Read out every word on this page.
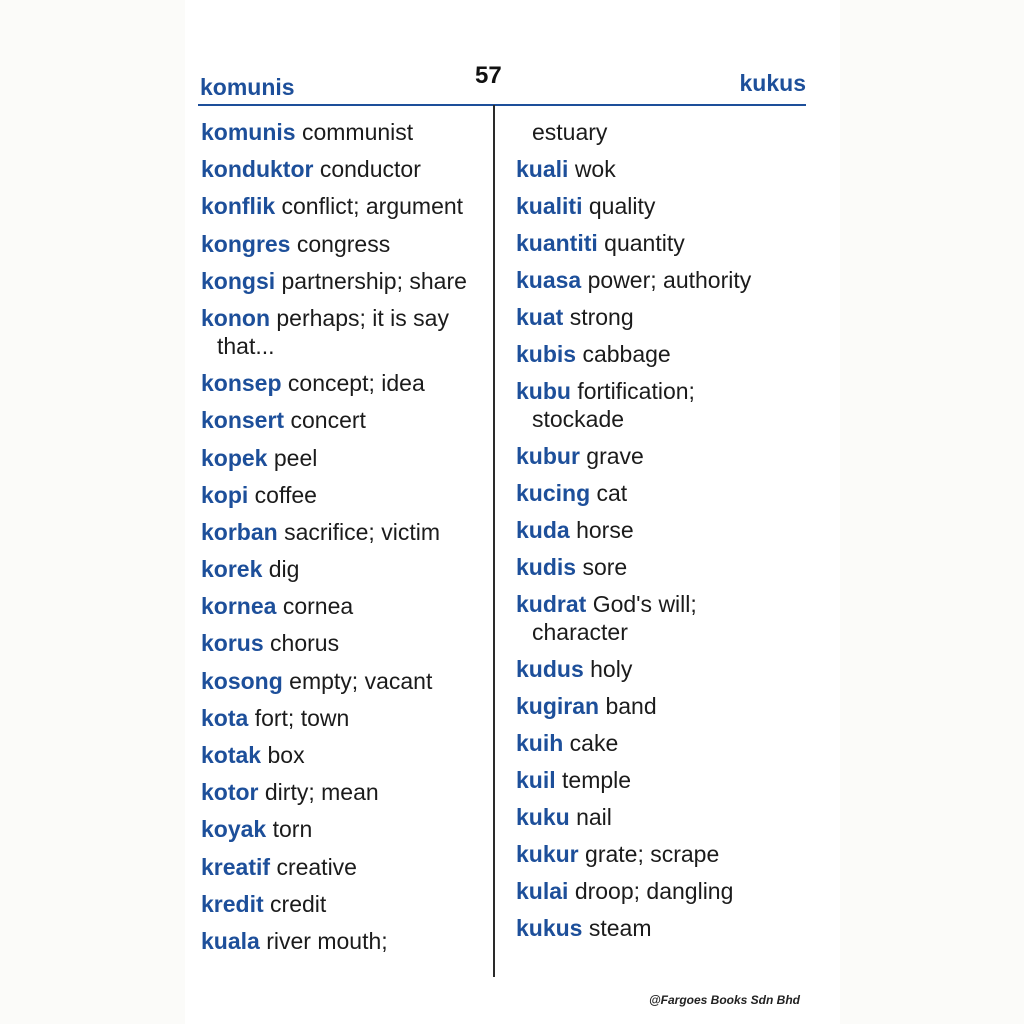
komunis	57	kukus
komunis communist
konduktor conductor
konflik conflict; argument
kongres congress
kongsi partnership; share
konon perhaps; it is say
that...
konsep concept; idea
konsert concert
kopek peel
kopi coffee
korban sacrifice; victim
korek dig
kornea cornea
korus chorus
kosong empty; vacant
kota fort; town
kotak box
kotor dirty; mean
koyak torn
kreatif creative
kredit credit
kuala river mouth;
estuary
kuali wok
kualiti quality
kuantiti quantity
kuasa power; authority
kuat strong
kubis cabbage
kubu fortification;
stockade
kubur grave
kucing cat
kuda horse
kudis sore
kudrat God's will;
character
kudus holy
kugiran band
kuih cake
kuil temple
kuku nail
kukur grate; scrape
kulai droop; dangling
kukus steam
@Fargoes Books Sdn Bhd
